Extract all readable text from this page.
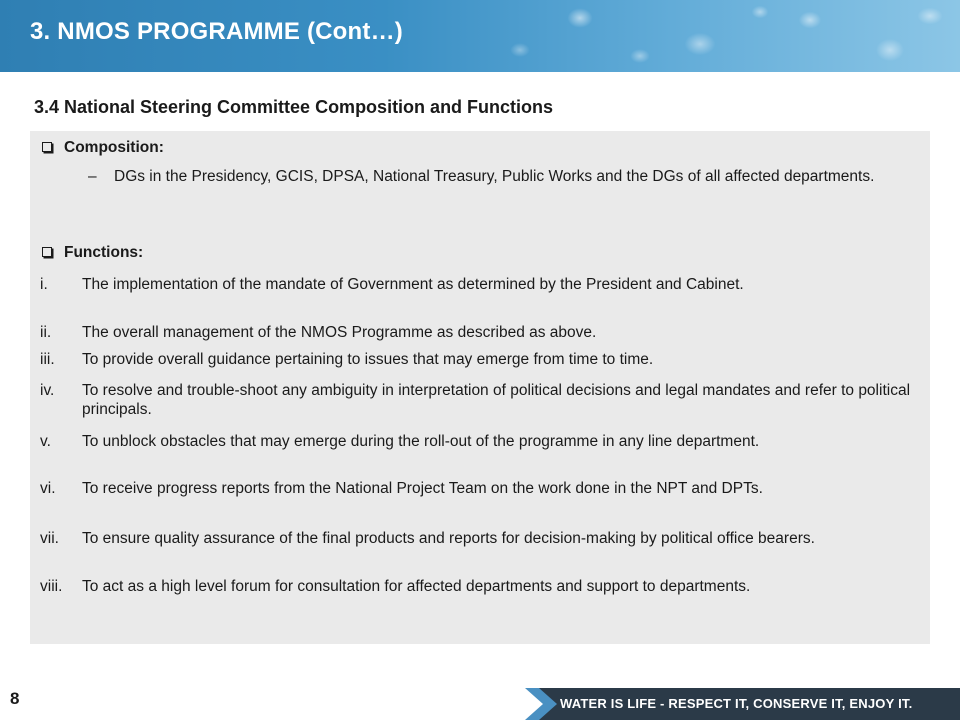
3. NMOS PROGRAMME (Cont…)
3.4 National Steering Committee Composition and Functions
Composition:
– DGs in the Presidency, GCIS, DPSA, National Treasury, Public Works and the DGs of all affected departments.
Functions:
i. The implementation of the mandate of Government as determined by the President and Cabinet.
ii. The overall management of the NMOS Programme as described as above.
iii. To provide overall guidance pertaining to issues that may emerge from time to time.
iv. To resolve and trouble-shoot any ambiguity in interpretation of political decisions and legal mandates and refer to political principals.
v. To unblock obstacles that may emerge during the roll-out of the programme in any line department.
vi. To receive progress reports from the National Project Team on the work done in the NPT and DPTs.
vii. To ensure quality assurance of the final products and reports for decision-making by political office bearers.
viii. To act as a high level forum for consultation for affected departments and support to departments.
8	WATER IS LIFE - RESPECT IT, CONSERVE IT, ENJOY IT.
